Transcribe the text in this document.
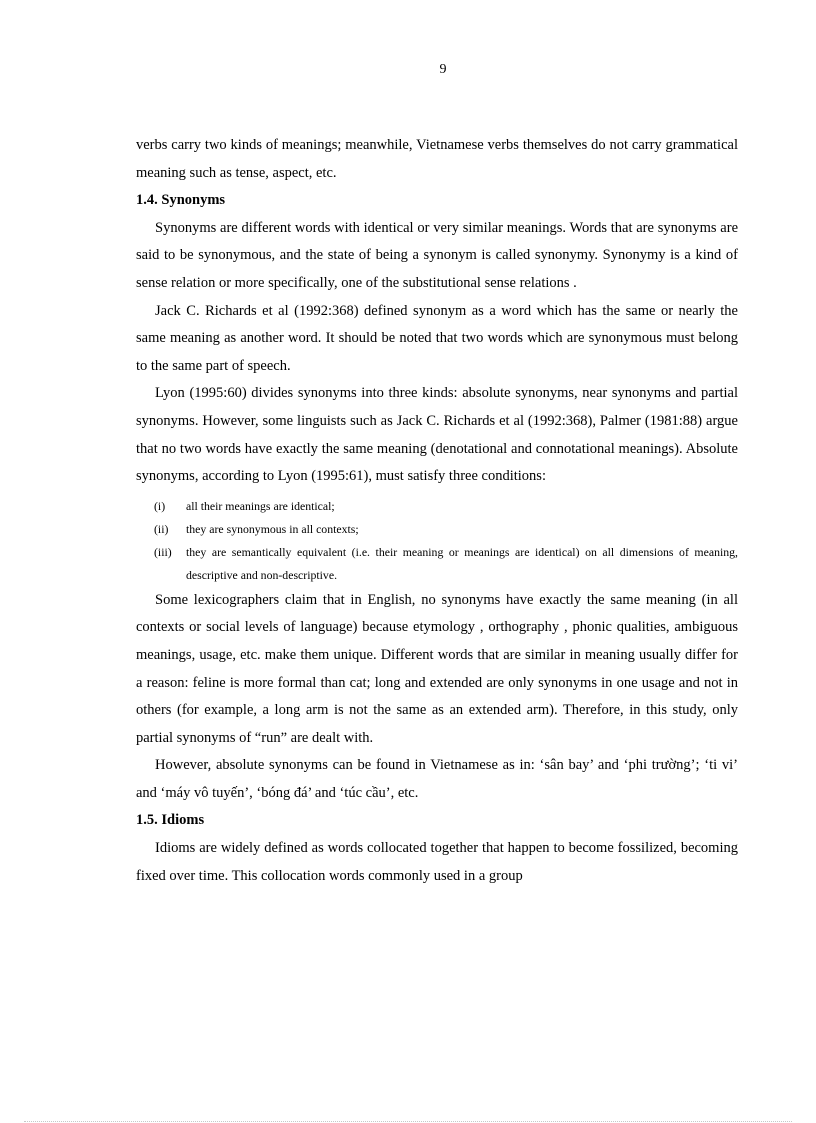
9

verbs carry two kinds of meanings; meanwhile, Vietnamese verbs themselves do not carry grammatical meaning such as tense, aspect, etc.

1.4. Synonyms

Synonyms are different words with identical or very similar meanings. Words that are synonyms are said to be synonymous, and the state of being a synonym is called synonymy. Synonymy is a kind of sense relation or more specifically, one of the substitutional sense relations .

Jack C. Richards et al (1992:368) defined synonym as a word which has the same or nearly the same meaning as another word. It should be noted that two words which are synonymous must belong to the same part of speech.

Lyon (1995:60) divides synonyms into three kinds: absolute synonyms, near synonyms and partial synonyms. However, some linguists such as Jack C. Richards et al (1992:368), Palmer (1981:88) argue that no two words have exactly the same meaning (denotational and connotational meanings). Absolute synonyms, according to Lyon (1995:61), must satisfy three conditions:

(i)	all their meanings are identical;
(ii)	they are synonymous in all contexts;
(iii)	they are semantically equivalent (i.e. their meaning or meanings are identical) on all dimensions of meaning, descriptive and non-descriptive.

Some lexicographers claim that in English, no synonyms have exactly the same meaning (in all contexts or social levels of language) because etymology , orthography , phonic qualities, ambiguous meanings, usage, etc. make them unique. Different words that are similar in meaning usually differ for a reason: feline is more formal than cat; long and extended are only synonyms in one usage and not in others (for example, a long arm is not the same as an extended arm). Therefore, in this study, only partial synonyms of “run” are dealt with.

However, absolute synonyms can be found in Vietnamese as in: ‘sân bay’ and ‘phi trường’; ‘ti vi’ and ‘máy vô tuyến’, ‘bóng đá’ and ‘túc cầu’, etc.

1.5. Idioms

Idioms are widely defined as words collocated together that happen to become fossilized, becoming fixed over time. This collocation words commonly used in a group
